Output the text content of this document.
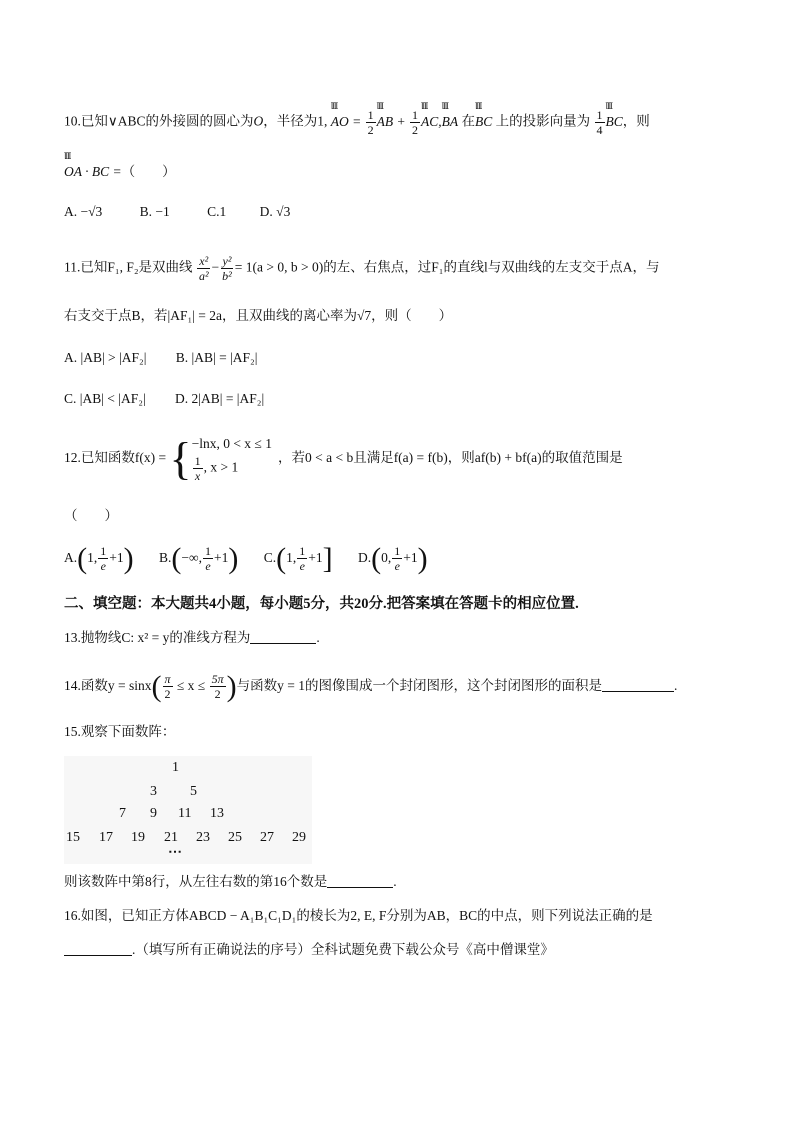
10.已知∨ABC的外接圆的圆心为O，半径为1,
ꞁꞁꞁꞁ
AO = $\frac{1}{2}$
ꞁꞁꞁꞁ
AB + $\frac{1}{2}$
ꞁꞁꞁꞁ
AC,
ꞁꞁꞁꞁ
BA 在
ꞁꞁꞁꞁ
BC 上的投影向量为 $\frac{1}{4}$
ꞁꞁꞁꞁ
BC，则
ꞁꞁꞁꞁ
OA · BC =（　　）
A. −√3	B. −1	C.1 D. √3
11.已知F₁, F₂是双曲线 $\frac{\text{x²}}{\text{a²}} - \frac{\text{y²}}{\text{b²}} = 1(a > 0$, b > 0)的左、右焦点，过F₁的直线l与双曲线的左支交于点A，与
右支交于点B，若|AF₁| = 2a，且双曲线的离心率为√7，则（　　）
A. |AB| > |AF₂| B. |AB| = |AF₂|
C. |AB| < |AF₂| D. 2|AB| = |AF₂|
12.已知函数f(x) = { −lnx, 0 < x ≤ 1
$\frac{1}{x}$ , x > 1
，若0 < a < b且满足f(a) = f(b)，则af(b) + bf(a)的取值范围是
（　　）
A.(1, $\frac{1}{e} +1$) B.(−∞, $\frac{1}{e} +1$) C.(1, $\frac{1}{e} +1$] D.(0, $\frac{1}{e} +1$)
二、填空题：本大题共4小题，每小题5分，共20分.把答案填在答题卡的相应位置.
13.抛物线C: x² = y的准线方程为	.
14.函数$y = \sin x( \frac{\pi}{2} \le x \le \frac{5\pi}{2}$ )与函数y = 1的图像围成一个封闭图形，这个封闭图形的面积是	.
15.观察下面数阵：
1
3 5
7 9 11 13
15 17 19 21 23 25 27 29
⋯
则该数阵中第8行，从左往右数的第16个数是	.
16.如图，已知正方体ABCD − A₁B₁C₁D₁的棱长为2, E, F分别为AB，BC的中点，则下列说法正确的是
.（填写所有正确说法的序号）全科试题免费下载公众号《高中僧课堂》
